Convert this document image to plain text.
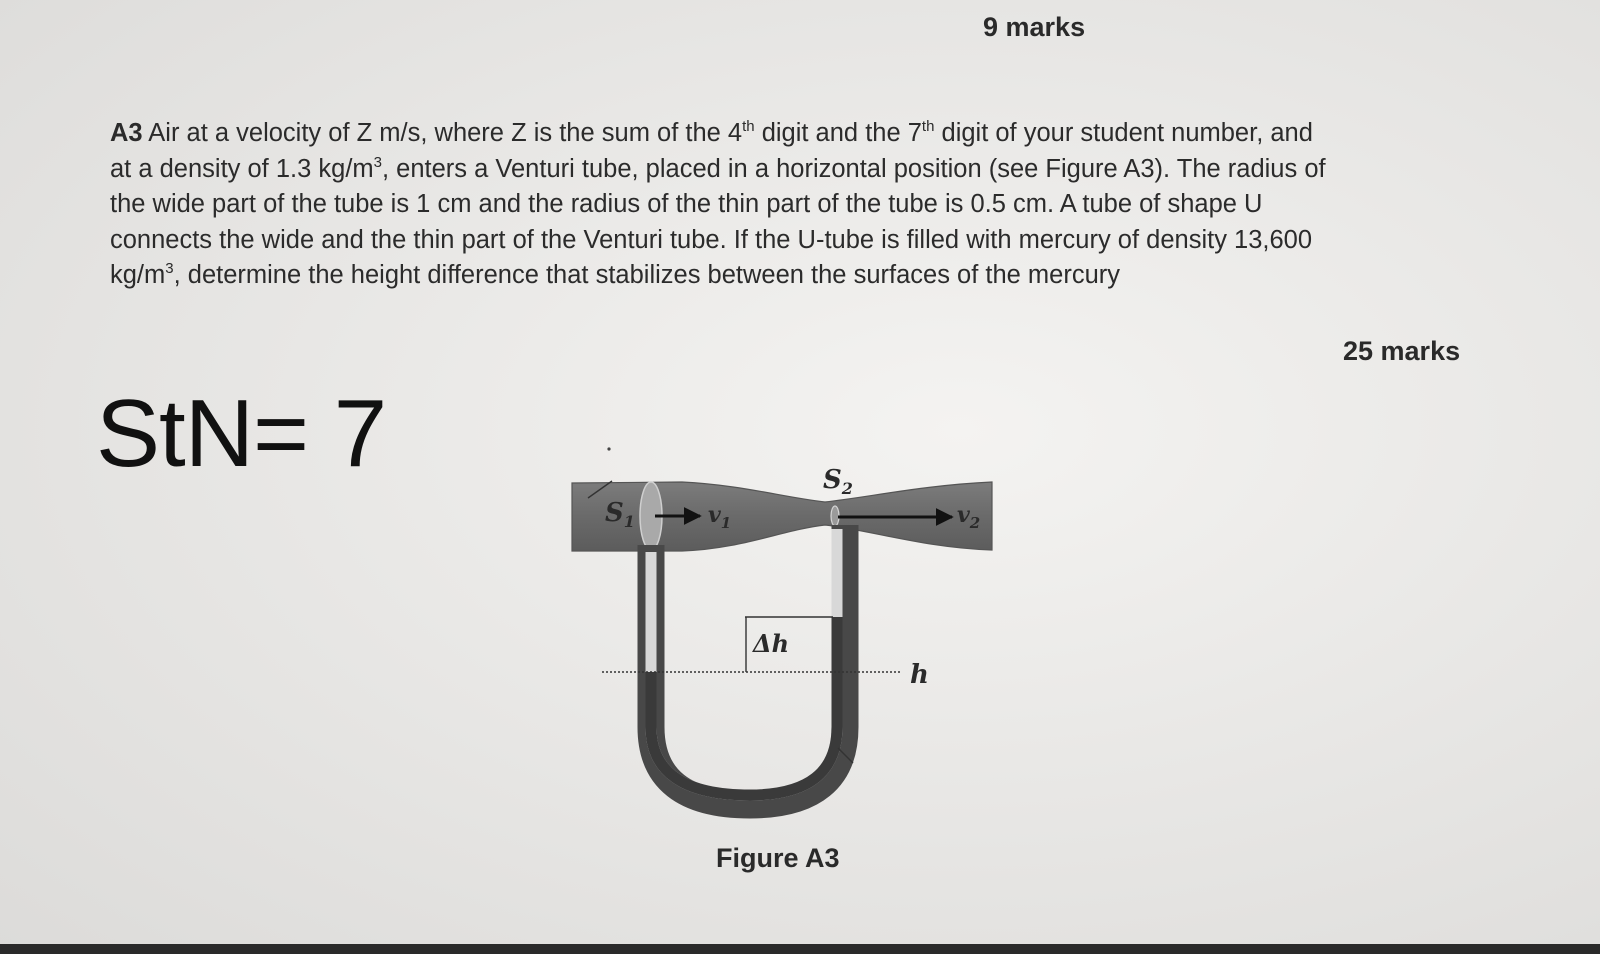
9 marks
A3 Air at a velocity of Z m/s, where Z is the sum of the 4th digit and the 7th digit of your student number, and
at a density of 1.3 $kg/m^3$, enters a Venturi tube, placed in a horizontal position (see Figure A3). The radius of
the wide part of the tube is 1 cm and the radius of the thin part of the tube is 0.5 cm. A tube of shape U
connects the wide and the thin part of the Venturi tube. If the U-tube is filled with mercury of density 13,600
$kg/m^3$, determine the height difference that stabilizes between the surfaces of the mercury
25 marks
StN= 7
$S_1$	$v_1$
$S_2$
$v_2$
Δh
h
Figure A3
